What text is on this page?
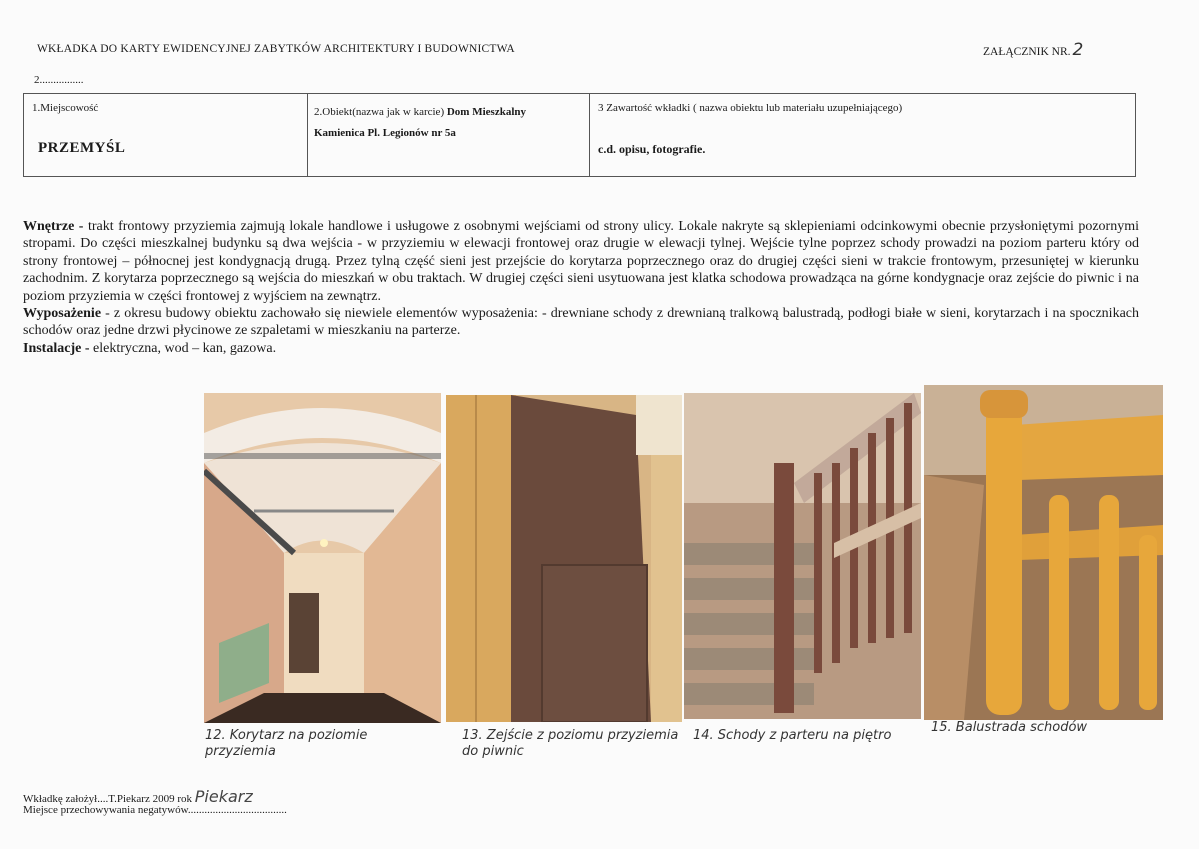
WKŁADKA DO KARTY EWIDENCYJNEJ ZABYTKÓW ARCHITEKTURY I BUDOWNICTWA	ZAŁĄCZNIK NR. 2
2................
1.Miejscowość
PRZEMYŚL
2.Obiekt(nazwa jak w karcie) Dom Mieszkalny
Kamienica Pl. Legionów nr 5a
3 Zawartość wkładki ( nazwa obiektu lub materiału uzupełniającego)
c.d. opisu, fotografie.
Wnętrze - trakt frontowy przyziemia zajmują lokale handlowe i usługowe z osobnymi wejściami od strony ulicy. Lokale nakryte są sklepieniami odcinkowymi obecnie przysłoniętymi pozornymi stropami. Do części mieszkalnej budynku są dwa wejścia - w przyziemiu w elewacji frontowej oraz drugie w elewacji tylnej. Wejście tylne poprzez schody prowadzi na poziom parteru który od strony frontowej – północnej jest kondygnacją drugą. Przez tylną część sieni jest przejście do korytarza poprzecznego oraz do drugiej części sieni w trakcie frontowym, przesuniętej w kierunku zachodnim. Z korytarza poprzecznego są wejścia do mieszkań w obu traktach. W drugiej części sieni usytuowana jest klatka schodowa prowadząca na górne kondygnacje oraz zejście do piwnic i na poziom przyziemia w części frontowej z wyjściem na zewnątrz.
Wyposażenie - z okresu budowy obiektu zachowało się niewiele elementów wyposażenia: - drewniane schody z drewnianą tralkową balustradą, podłogi białe w sieni, korytarzach i na spocznikach schodów oraz jedne drzwi płycinowe ze szpaletami w mieszkaniu na parterze.
Instalacje - elektryczna, wod – kan, gazowa.
12. Korytarz na poziomie przyziemia
13. Zejście z poziomu przyziemia do piwnic
14. Schody z parteru na piętro
15. Balustrada schodów
Wkładkę założył....T.Piekarz 2009 rok Piekarz
Miejsce przechowywania negatywów....................................
